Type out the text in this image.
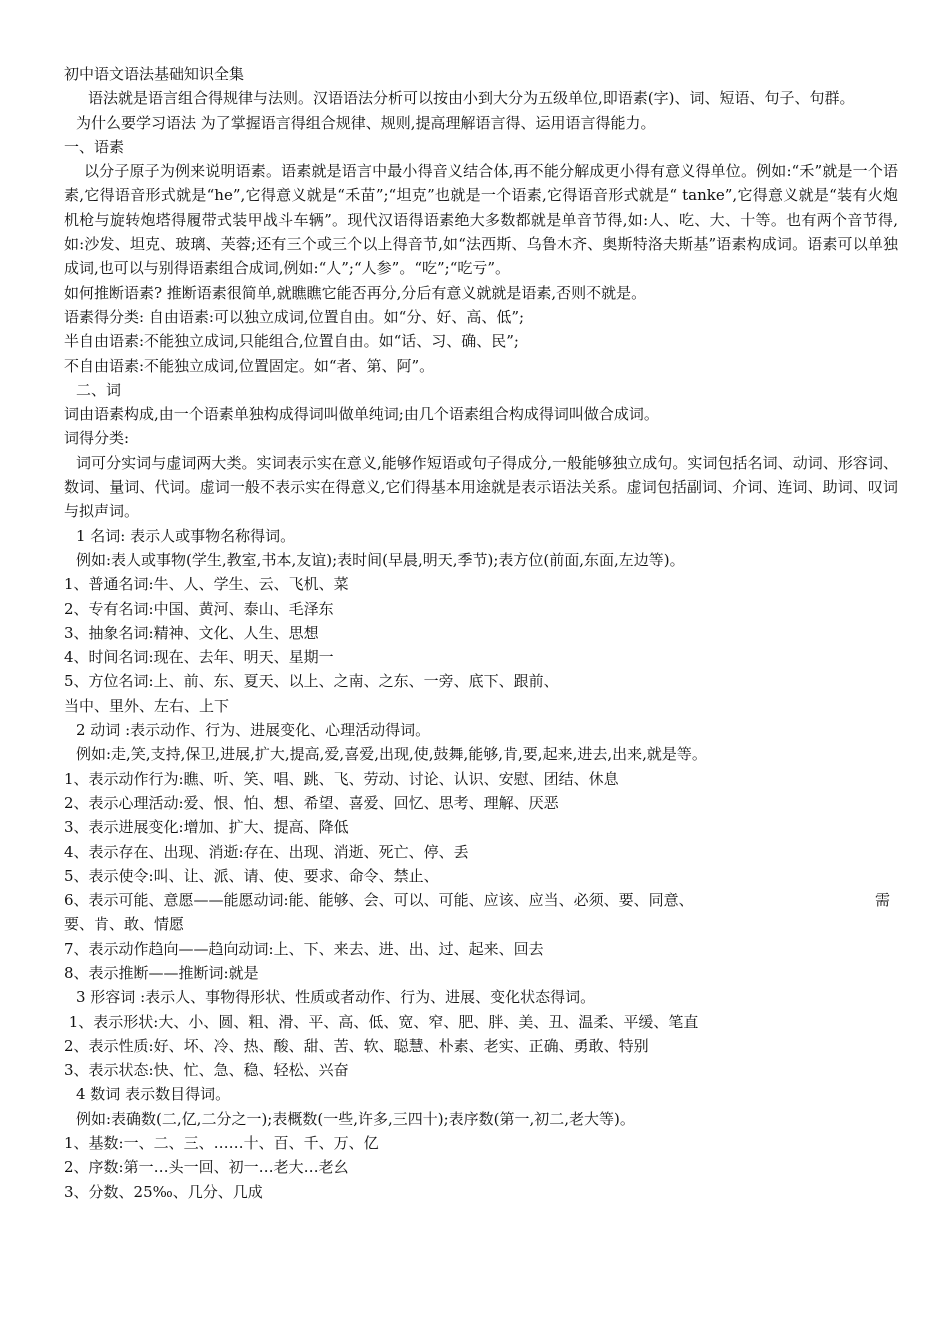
初中语文语法基础知识全集
语法就是语言组合得规律与法则。汉语语法分析可以按由小到大分为五级单位,即语素(字)、词、短语、句子、句群。
为什么要学习语法 为了掌握语言得组合规律、规则,提高理解语言得、运用语言得能力。
一、语素
以分子原子为例来说明语素。语素就是语言中最小得音义结合体,再不能分解成更小得有意义得单位。例如:“禾”就是一个语素,它得语音形式就是“he”,它得意义就是“禾苗”;“坦克”也就是一个语素,它得语音形式就是“ tanke”,它得意义就是“装有火炮机枪与旋转炮塔得履带式装甲战斗车辆”。现代汉语得语素绝大多数都就是单音节得,如:人、吃、大、十等。也有两个音节得,如:沙发、坦克、玻璃、芙蓉;还有三个或三个以上得音节,如“法西斯、乌鲁木齐、奥斯特洛夫斯基”语素构成词。语素可以单独成词,也可以与别得语素组合成词,例如:“人”;“人参”。“吃”;“吃亏”。
如何推断语素? 推断语素很简单,就瞧瞧它能否再分,分后有意义就就是语素,否则不就是。
语素得分类: 自由语素:可以独立成词,位置自由。如“分、好、高、低”;
半自由语素:不能独立成词,只能组合,位置自由。如“话、习、确、民”;
不自由语素:不能独立成词,位置固定。如“者、第、阿”。
二、词
词由语素构成,由一个语素单独构成得词叫做单纯词;由几个语素组合构成得词叫做合成词。
词得分类:
词可分实词与虚词两大类。实词表示实在意义,能够作短语或句子得成分,一般能够独立成句。实词包括名词、动词、形容词、数词、量词、代词。虚词一般不表示实在得意义,它们得基本用途就是表示语法关系。虚词包括副词、介词、连词、助词、叹词与拟声词。
1 名词: 表示人或事物名称得词。
例如:表人或事物(学生,教室,书本,友谊);表时间(早晨,明天,季节);表方位(前面,东面,左边等)。
1、普通名词:牛、人、学生、云、飞机、菜
2、专有名词:中国、黄河、泰山、毛泽东
3、抽象名词:精神、文化、人生、思想
4、时间名词:现在、去年、明天、星期一
5、方位名词:上、前、东、夏天、以上、之南、之东、一旁、底下、跟前、
当中、里外、左右、上下
2 动词 :表示动作、行为、进展变化、心理活动得词。
例如:走,笑,支持,保卫,进展,扩大,提高,爱,喜爱,出现,使,鼓舞,能够,肯,要,起来,进去,出来,就是等。
1、表示动作行为:瞧、听、笑、唱、跳、飞、劳动、讨论、认识、安慰、团结、休息
2、表示心理活动:爱、恨、怕、想、希望、喜爱、回忆、思考、理解、厌恶
3、表示进展变化:增加、扩大、提高、降低
4、表示存在、出现、消逝:存在、出现、消逝、死亡、停、丢
5、表示使令:叫、让、派、请、使、要求、命令、禁止、
6、表示可能、意愿——能愿动词:能、能够、会、可以、可能、应该、应当、必须、要、同意、	需
要、肯、敢、情愿
7、表示动作趋向——趋向动词:上、下、来去、进、出、过、起来、回去
8、表示推断——推断词:就是
3 形容词 :表示人、事物得形状、性质或者动作、行为、进展、变化状态得词。
1、表示形状:大、小、圆、粗、滑、平、高、低、宽、窄、肥、胖、美、丑、温柔、平缓、笔直
2、表示性质:好、坏、冷、热、酸、甜、苦、软、聪慧、朴素、老实、正确、勇敢、特别
3、表示状态:快、忙、急、稳、轻松、兴奋
4 数词 表示数目得词。
例如:表确数(二,亿,二分之一);表概数(一些,许多,三四十);表序数(第一,初二,老大等)。
1、基数:一、二、三、……十、百、千、万、亿
2、序数:第一…头一回、初一…老大…老幺
3、分数、25‰、几分、几成
